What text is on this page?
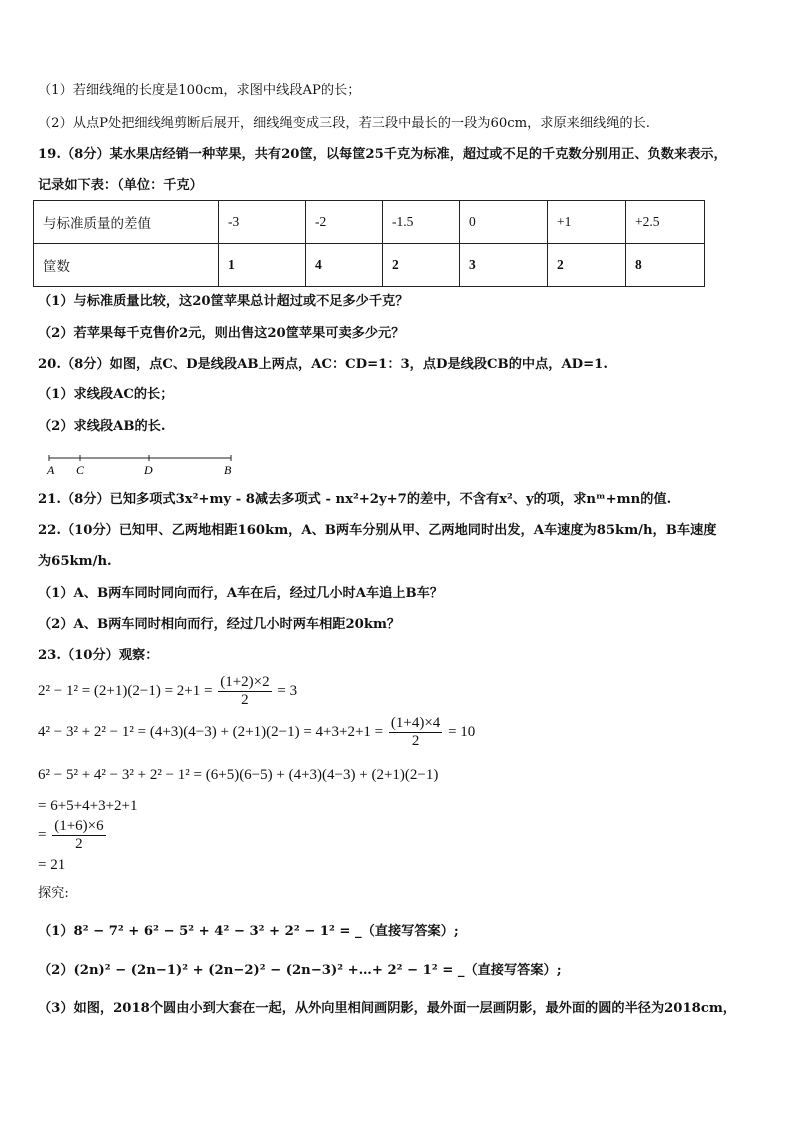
（1）若细线绳的长度是100cm，求图中线段AP的长；
（2）从点P处把细线绳剪断后展开，细线绳变成三段，若三段中最长的一段为60cm，求原来细线绳的长.
19.（8分）某水果店经销一种苹果，共有20筐，以每筐25千克为标准，超过或不足的千克数分别用正、负数来表示，
记录如下表：（单位：千克）
与标准质量的差值	-3	-2	-1.5	0	+1	+2.5
筐数	1	4	2	3	2	8
（1）与标准质量比较，这20筐苹果总计超过或不足多少千克？
（2）若苹果每千克售价2元，则出售这20筐苹果可卖多少元？
20.（8分）如图，点C、D是线段AB上两点，AC：CD=1：3，点D是线段CB的中点，AD=1.
（1）求线段AC的长；
（2）求线段AB的长.
A C	D	B
21.（8分）已知多项式3x²+my - 8减去多项式 - nx²+2y+7的差中，不含有x²、y的项，求nᵐ+mn的值.
22.（10分）已知甲、乙两地相距160km，A、B两车分别从甲、乙两地同时出发，A车速度为85km/h，B车速度
为65km/h.
（1）A、B两车同时同向而行，A车在后，经过几小时A车追上B车？
（2）A、B两车同时相向而行，经过几小时两车相距20km？
23.（10分）观察：
$2^2 - 1^2 = (2+1)(2-1) = 2+1 = \frac{(1+2)\times 2}{2} = 3$
$4^2 - 3^2 + 2^2 - 1^2 = (4+3)(4-3) + (2+1)(2-1) = 4+3+2+1 = \frac{(1+4)\times 4}{2} = 10$
6² − 5² + 4² − 3² + 2² − 1² = (6+5)(6−5) + (4+3)(4−3) + (2+1)(2−1)
= 6+5+4+3+2+1
= $\frac{(1+6)\times 6}{2}$
= 21
探究:
（1）8² − 7² + 6² − 5² + 4² − 3² + 2² − 1² = _（直接写答案）;
（2）(2n)² − (2n−1)² + (2n−2)² − (2n−3)² +…+ 2² − 1² = _（直接写答案）;
（3）如图，2018个圆由小到大套在一起，从外向里相间画阴影，最外面一层画阴影，最外面的圆的半径为2018cm，
